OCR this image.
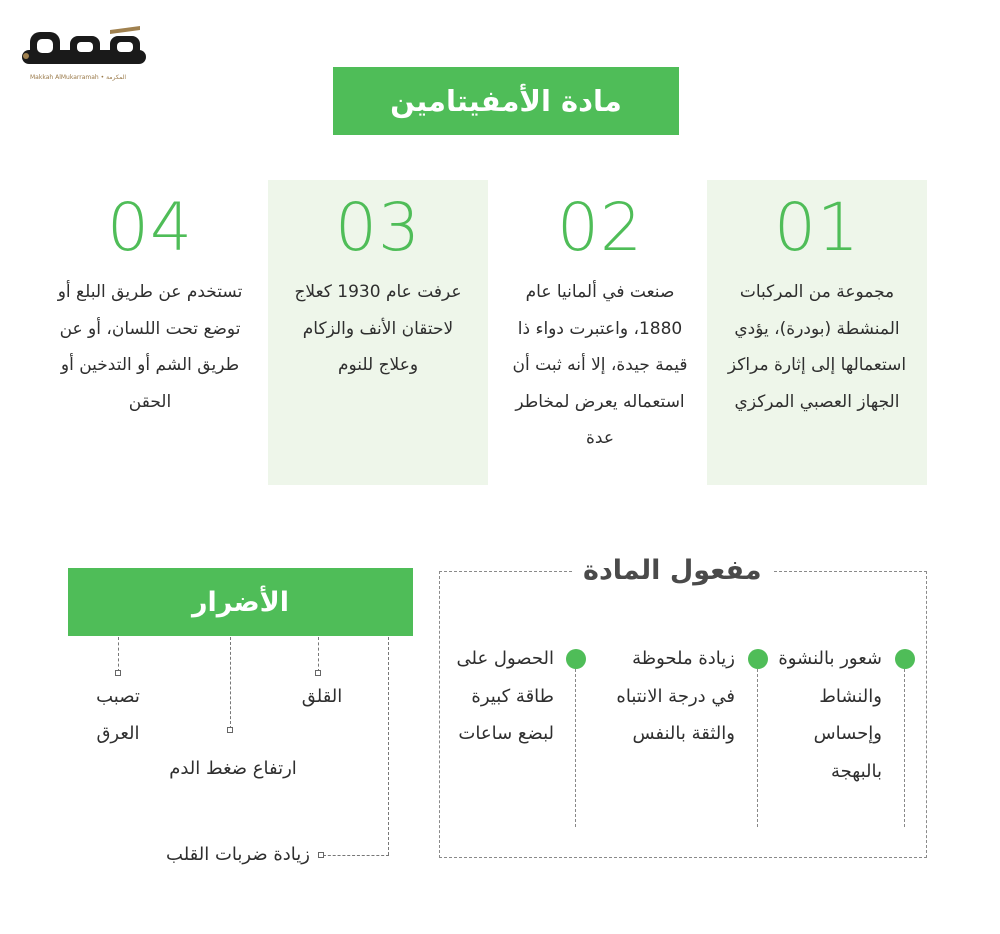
Makkah AlMukarramah • المكرمة
مادة الأمفيتامين
01
مجموعة من المركبات المنشطة (بودرة)، يؤدي استعمالها إلى إثارة مراكز الجهاز العصبي المركزي
02
صنعت في ألمانيا عام 1880، واعتبرت دواء ذا قيمة جيدة، إلا أنه ثبت أن استعماله يعرض لمخاطر عدة
03
عرفت عام 1930 كعلاج لاحتقان الأنف والزكام وعلاج للنوم
04
تستخدم عن طريق البلع أو توضع تحت اللسان، أو عن طريق الشم أو التدخين أو الحقن
الأضرار
القلق
ارتفاع ضغط الدم
تصبب العرق
زيادة ضربات القلب
مفعول المادة
شعور بالنشوة والنشاط وإحساس بالبهجة
زيادة ملحوظة في درجة الانتباه والثقة بالنفس
الحصول على طاقة كبيرة لبضع ساعات
